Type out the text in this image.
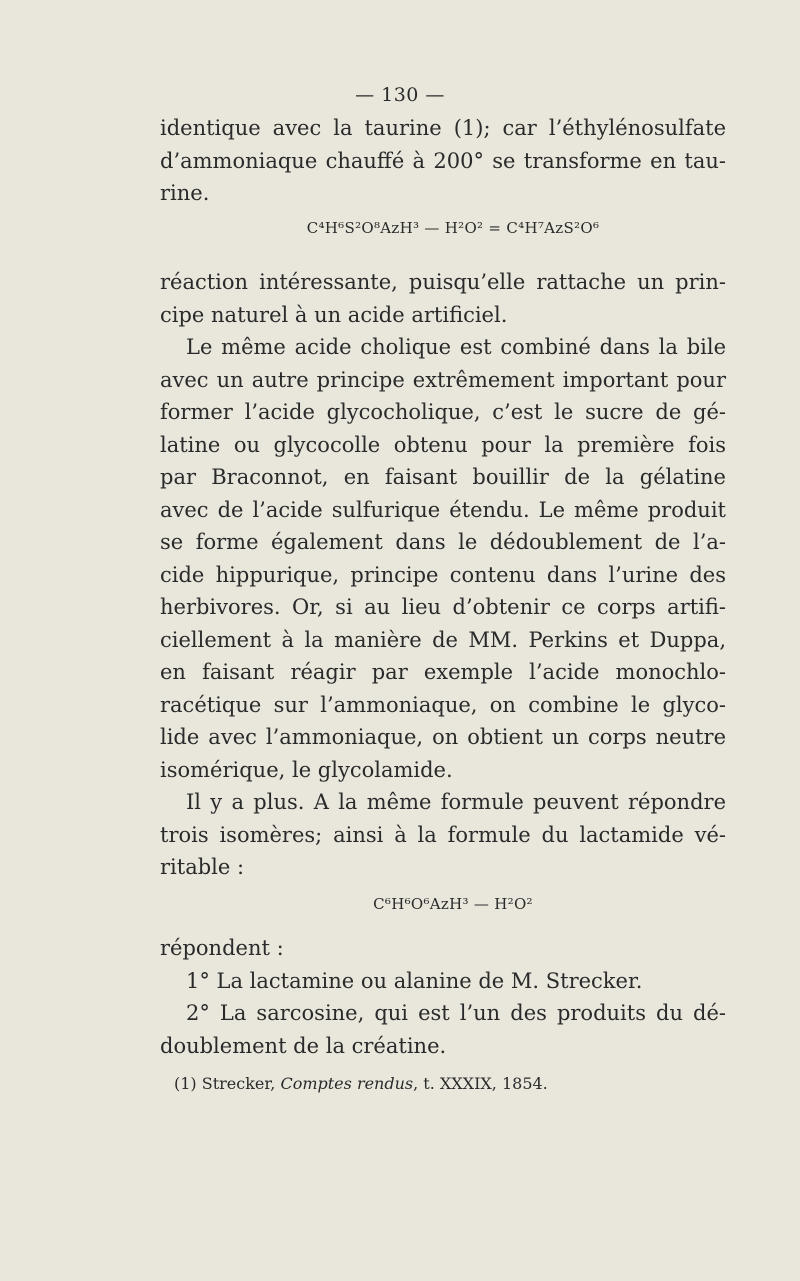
— 130 —
identique avec la taurine (1); car l’éthylénosulfate
d’ammoniaque chauffé à 200° se transforme en tau-
rine.
C⁴H⁶S²O⁸AzH³ — H²O² = C⁴H⁷AzS²O⁶
réaction intéressante, puisqu’elle rattache un prin-
cipe naturel à un acide artificiel.
Le même acide cholique est combiné dans la bile
avec un autre principe extrêmement important pour
former l’acide glycocholique, c’est le sucre de gé-
latine ou glycocolle obtenu pour la première fois
par Braconnot, en faisant bouillir de la gélatine
avec de l’acide sulfurique étendu. Le même produit
se forme également dans le dédoublement de l’a-
cide hippurique, principe contenu dans l’urine des
herbivores. Or, si au lieu d’obtenir ce corps artifi-
ciellement à la manière de MM. Perkins et Duppa,
en faisant réagir par exemple l’acide monochlo-
racétique sur l’ammoniaque, on combine le glyco-
lide avec l’ammoniaque, on obtient un corps neutre
isomérique, le glycolamide.
Il y a plus. A la même formule peuvent répondre
trois isomères; ainsi à la formule du lactamide vé-
ritable :
C⁶H⁶O⁶AzH³ — H²O²
répondent :
1° La lactamine ou alanine de M. Strecker.
2° La sarcosine, qui est l’un des produits du dé-
doublement de la créatine.
(1) Strecker, Comptes rendus, t. XXXIX, 1854.
